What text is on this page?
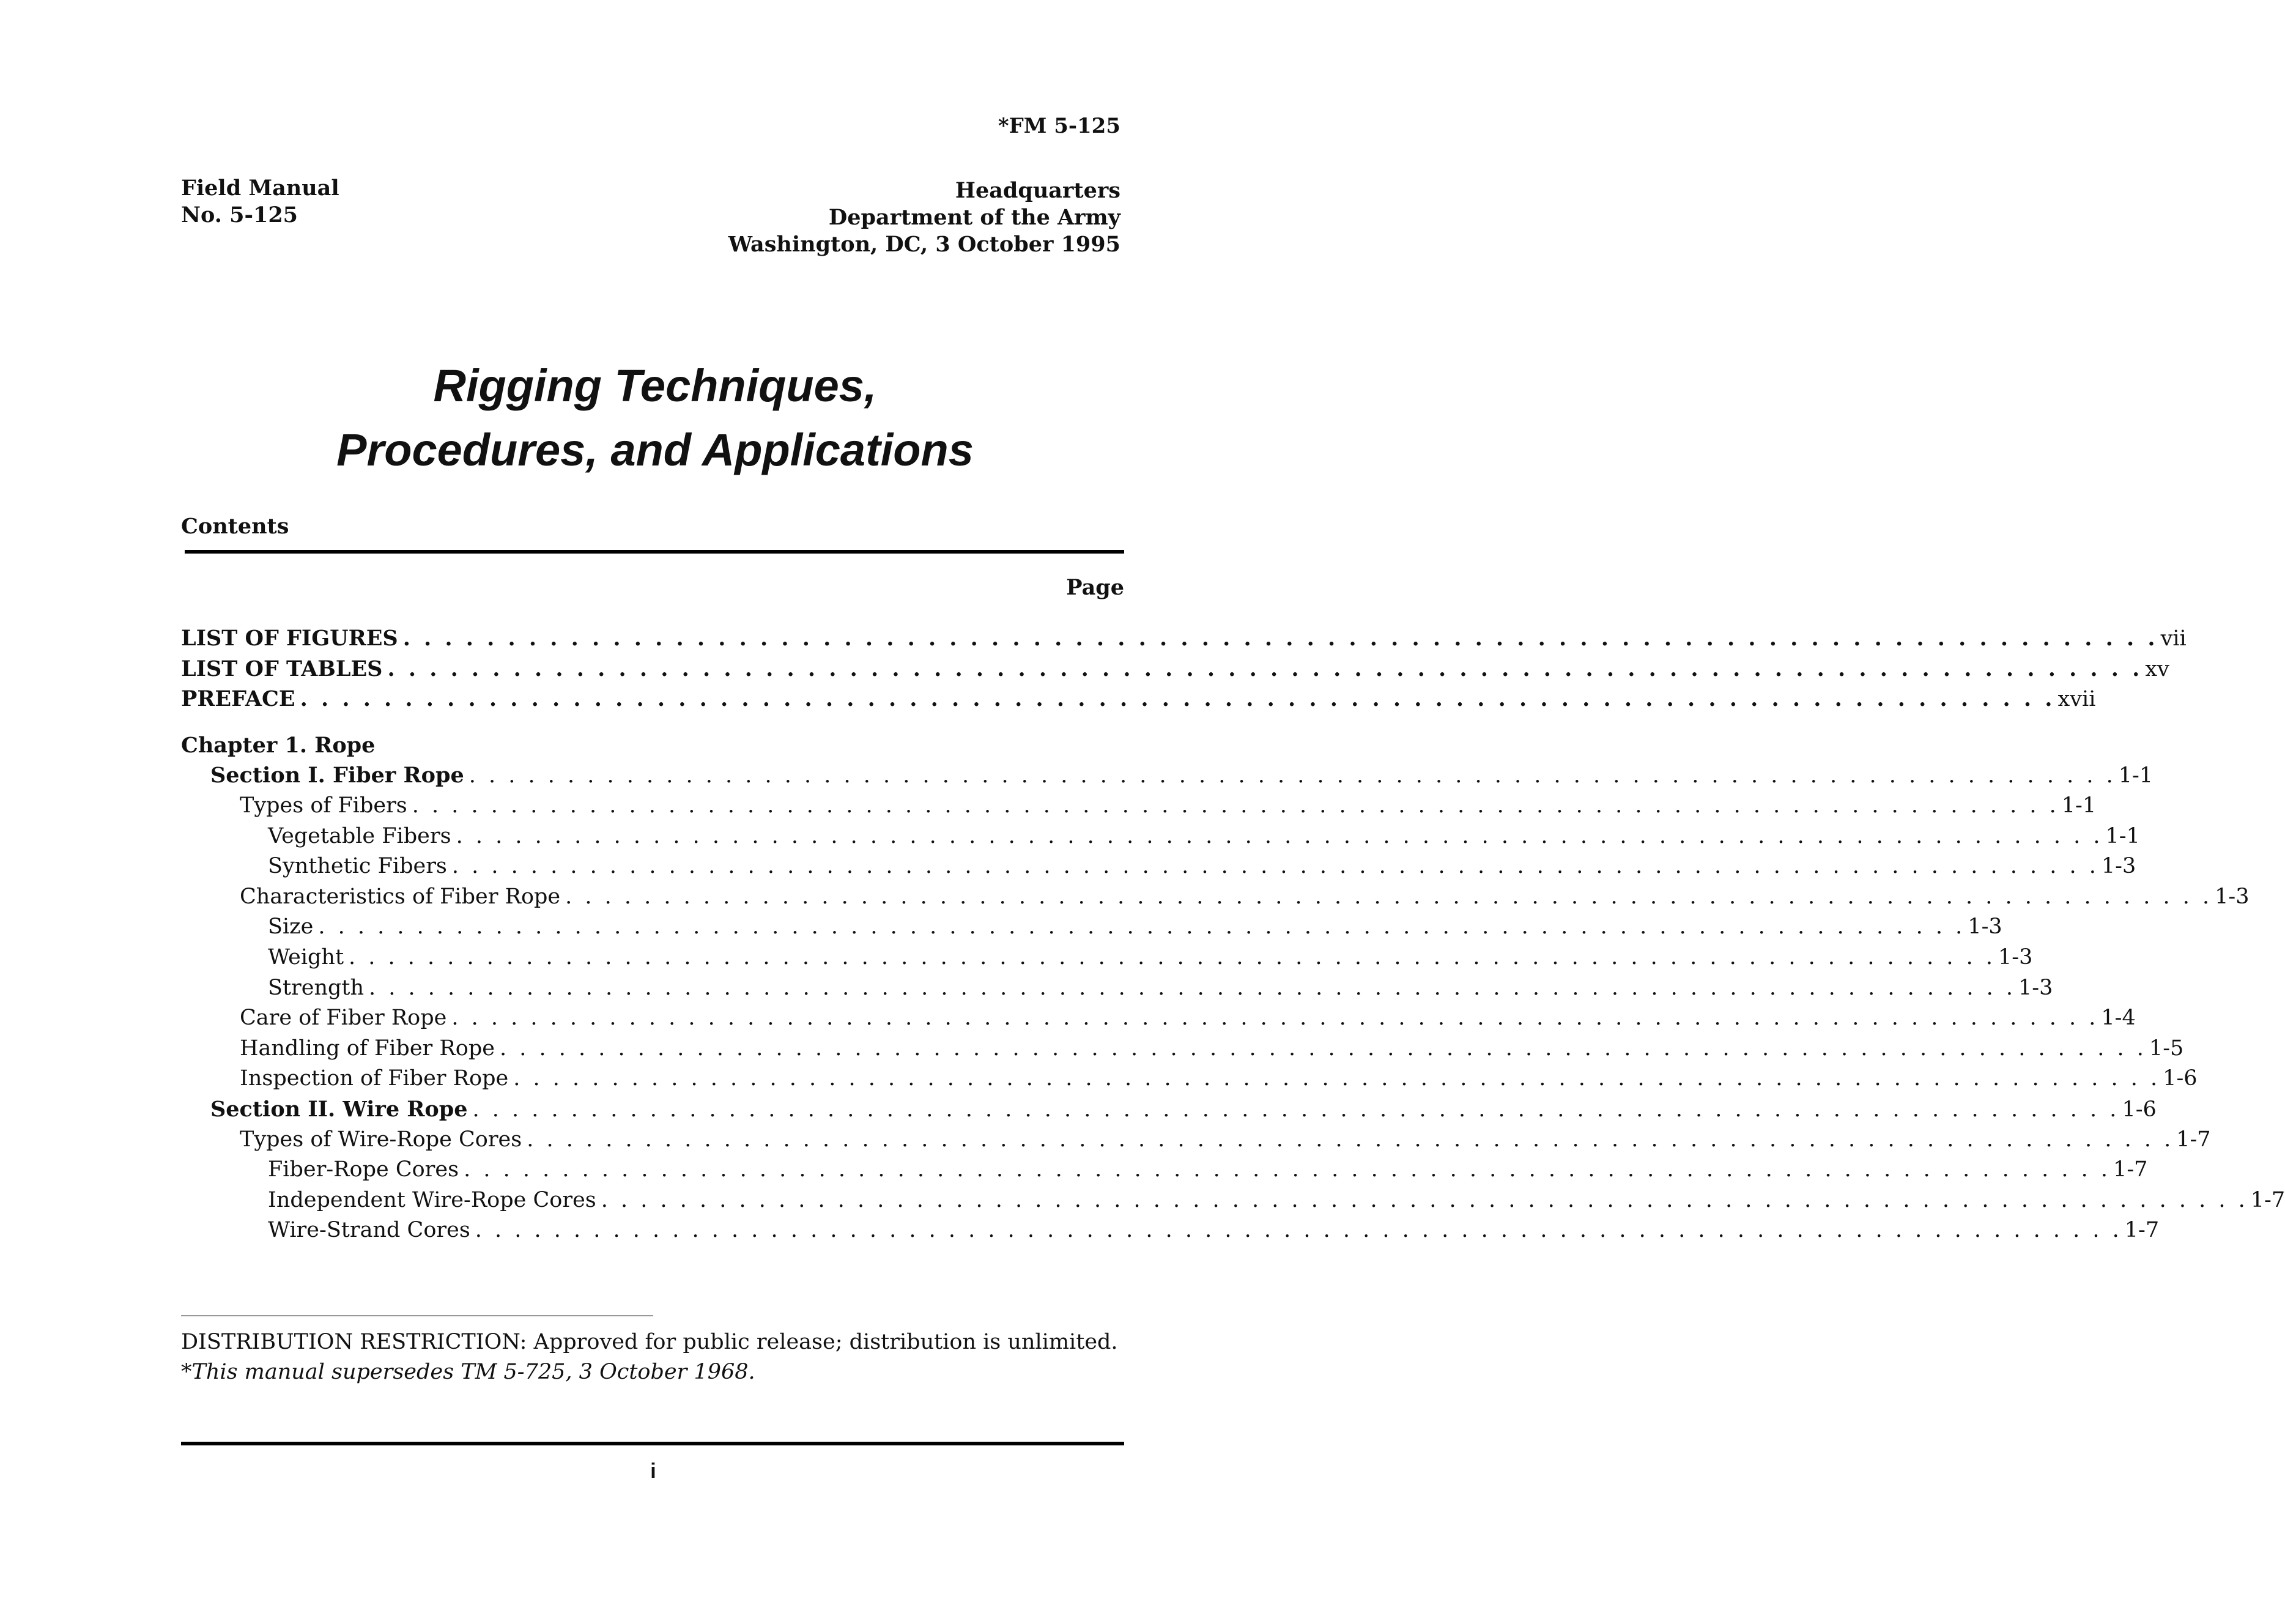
*FM 5-125
Field Manual
No. 5-125
Headquarters
Department of the Army
Washington, DC, 3 October 1995
Rigging Techniques,
Procedures, and Applications
Contents
Page
LIST OF FIGURES . . . . . . . . . . . . . . . . . . . . . . . . . . . . . . . . . . . . . . . . . . . . . . . . . . . . . . . . . . . . . . . . . . . . . . . . . . . . . . . . . . . . vii
LIST OF TABLES . . . . . . . . . . . . . . . . . . . . . . . . . . . . . . . . . . . . . . . . . . . . . . . . . . . . . . . . . . . . . . . . . . . . . . . . . . . . . . . . . . . . xv
PREFACE . . . . . . . . . . . . . . . . . . . . . . . . . . . . . . . . . . . . . . . . . . . . . . . . . . . . . . . . . . . . . . . . . . . . . . . . . . . . . . . . . . . . xvii
Chapter 1. Rope
Section I. Fiber Rope . . . . . . . . . . . . . . . . . . . . . . . . . . . . . . . . . . . . . . . . . . . . . . . . . . . . . . . . . . . . . . . . . . . . . . . . . . . . . . . . . . . . 1-1
Types of Fibers . . . . . . . . . . . . . . . . . . . . . . . . . . . . . . . . . . . . . . . . . . . . . . . . . . . . . . . . . . . . . . . . . . . . . . . . . . . . . . . . . . . . 1-1
Vegetable Fibers . . . . . . . . . . . . . . . . . . . . . . . . . . . . . . . . . . . . . . . . . . . . . . . . . . . . . . . . . . . . . . . . . . . . . . . . . . . . . . . . . . . . 1-1
Synthetic Fibers . . . . . . . . . . . . . . . . . . . . . . . . . . . . . . . . . . . . . . . . . . . . . . . . . . . . . . . . . . . . . . . . . . . . . . . . . . . . . . . . . . . . 1-3
Characteristics of Fiber Rope . . . . . . . . . . . . . . . . . . . . . . . . . . . . . . . . . . . . . . . . . . . . . . . . . . . . . . . . . . . . . . . . . . . . . . . . . . . . . . . . . . . . 1-3
Size . . . . . . . . . . . . . . . . . . . . . . . . . . . . . . . . . . . . . . . . . . . . . . . . . . . . . . . . . . . . . . . . . . . . . . . . . . . . . . . . . . . . 1-3
Weight . . . . . . . . . . . . . . . . . . . . . . . . . . . . . . . . . . . . . . . . . . . . . . . . . . . . . . . . . . . . . . . . . . . . . . . . . . . . . . . . . . . . 1-3
Strength . . . . . . . . . . . . . . . . . . . . . . . . . . . . . . . . . . . . . . . . . . . . . . . . . . . . . . . . . . . . . . . . . . . . . . . . . . . . . . . . . . . . 1-3
Care of Fiber Rope . . . . . . . . . . . . . . . . . . . . . . . . . . . . . . . . . . . . . . . . . . . . . . . . . . . . . . . . . . . . . . . . . . . . . . . . . . . . . . . . . . . . 1-4
Handling of Fiber Rope . . . . . . . . . . . . . . . . . . . . . . . . . . . . . . . . . . . . . . . . . . . . . . . . . . . . . . . . . . . . . . . . . . . . . . . . . . . . . . . . . . . . 1-5
Inspection of Fiber Rope . . . . . . . . . . . . . . . . . . . . . . . . . . . . . . . . . . . . . . . . . . . . . . . . . . . . . . . . . . . . . . . . . . . . . . . . . . . . . . . . . . . . 1-6
Section II. Wire Rope . . . . . . . . . . . . . . . . . . . . . . . . . . . . . . . . . . . . . . . . . . . . . . . . . . . . . . . . . . . . . . . . . . . . . . . . . . . . . . . . . . . . 1-6
Types of Wire-Rope Cores . . . . . . . . . . . . . . . . . . . . . . . . . . . . . . . . . . . . . . . . . . . . . . . . . . . . . . . . . . . . . . . . . . . . . . . . . . . . . . . . . . . . 1-7
Fiber-Rope Cores . . . . . . . . . . . . . . . . . . . . . . . . . . . . . . . . . . . . . . . . . . . . . . . . . . . . . . . . . . . . . . . . . . . . . . . . . . . . . . . . . . . . 1-7
Independent Wire-Rope Cores . . . . . . . . . . . . . . . . . . . . . . . . . . . . . . . . . . . . . . . . . . . . . . . . . . . . . . . . . . . . . . . . . . . . . . . . . . . . . . . . . . . . 1-7
Wire-Strand Cores . . . . . . . . . . . . . . . . . . . . . . . . . . . . . . . . . . . . . . . . . . . . . . . . . . . . . . . . . . . . . . . . . . . . . . . . . . . . . . . . . . . . 1-7
DISTRIBUTION RESTRICTION: Approved for public release; distribution is unlimited.
*This manual supersedes TM 5-725, 3 October 1968.
i
